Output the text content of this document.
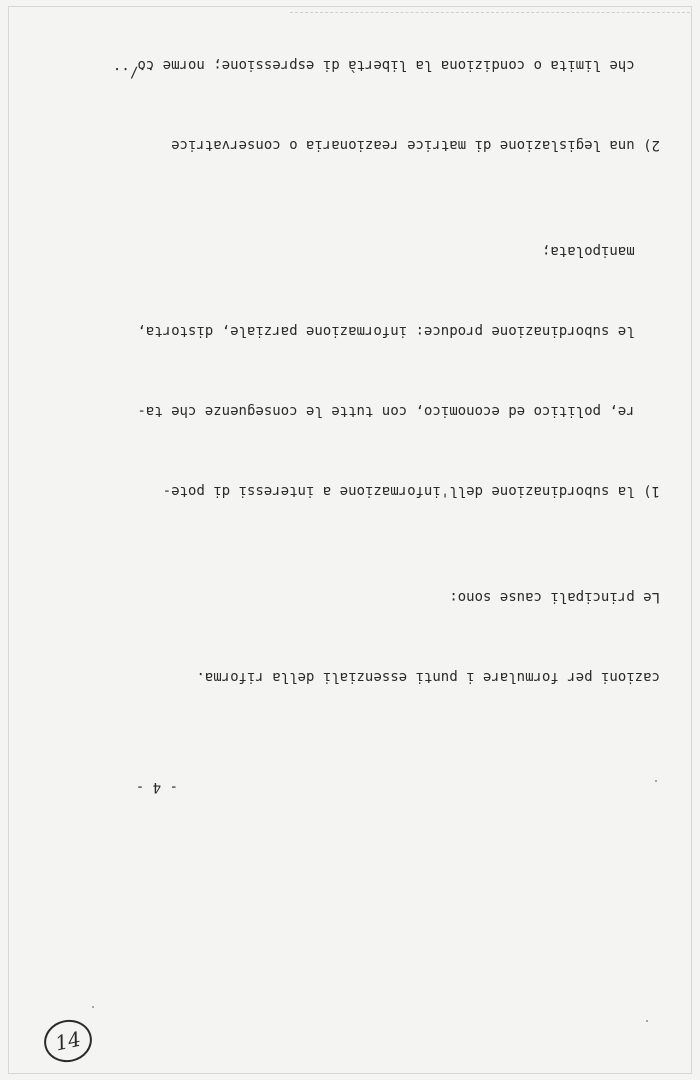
- 4 -

cazioni per formulare i punti essenziali della riforma.

Le principali cause sono:

1) la subordinazione dell'informazione a interessi di pote-

re, politico ed economico, con tutte le conseguenze che ta-

le subordinazione produce: informazione parziale, distorta,

manipolata;

2) una legislazione di matrice reazionaria o conservatrice

che limita o condiziona la libertà di espressione; norme co

../..
14
